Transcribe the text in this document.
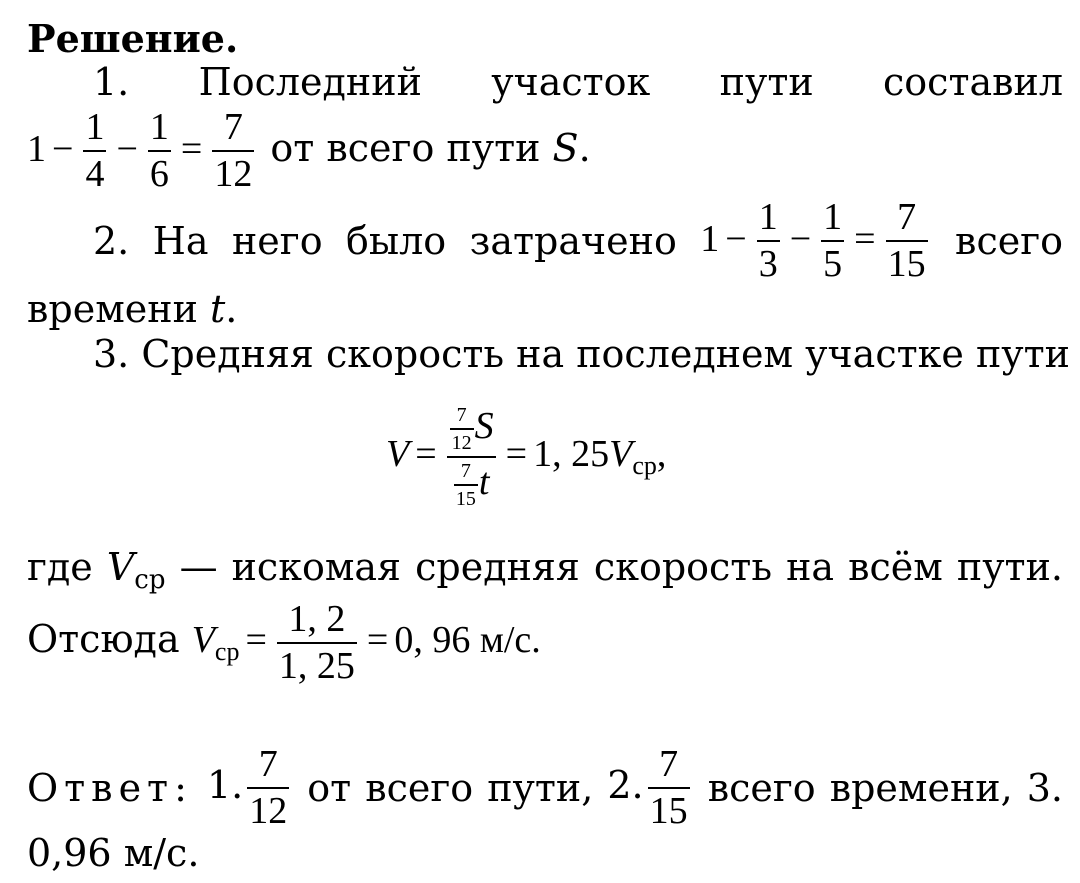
Решение.
1. Последний участок пути составил
$1 - \frac{1}{4} - \frac{1}{6} = \frac{7}{12}$ от всего пути S.
2. На него было затрачено $1 - \frac{1}{3} - \frac{1}{5} = \frac{7}{15}$ всего
времени t.
3. Средняя скорость на последнем участке пути
$V = \frac{\frac{7}{12} S}{\frac{7}{15} t} = 1$, $25V_{ср}$,
где $V_{ср}$ — искомая средняя скорость на всём пути.
Отсюда $V_{ср} = \frac{1, 2}{1, 25} = 0$, 96 м/с.
Ответ: 1. $\frac{7}{12}$ от всего пути, 2. $\frac{7}{15}$ всего времени, 3.
0,96 м/с.
